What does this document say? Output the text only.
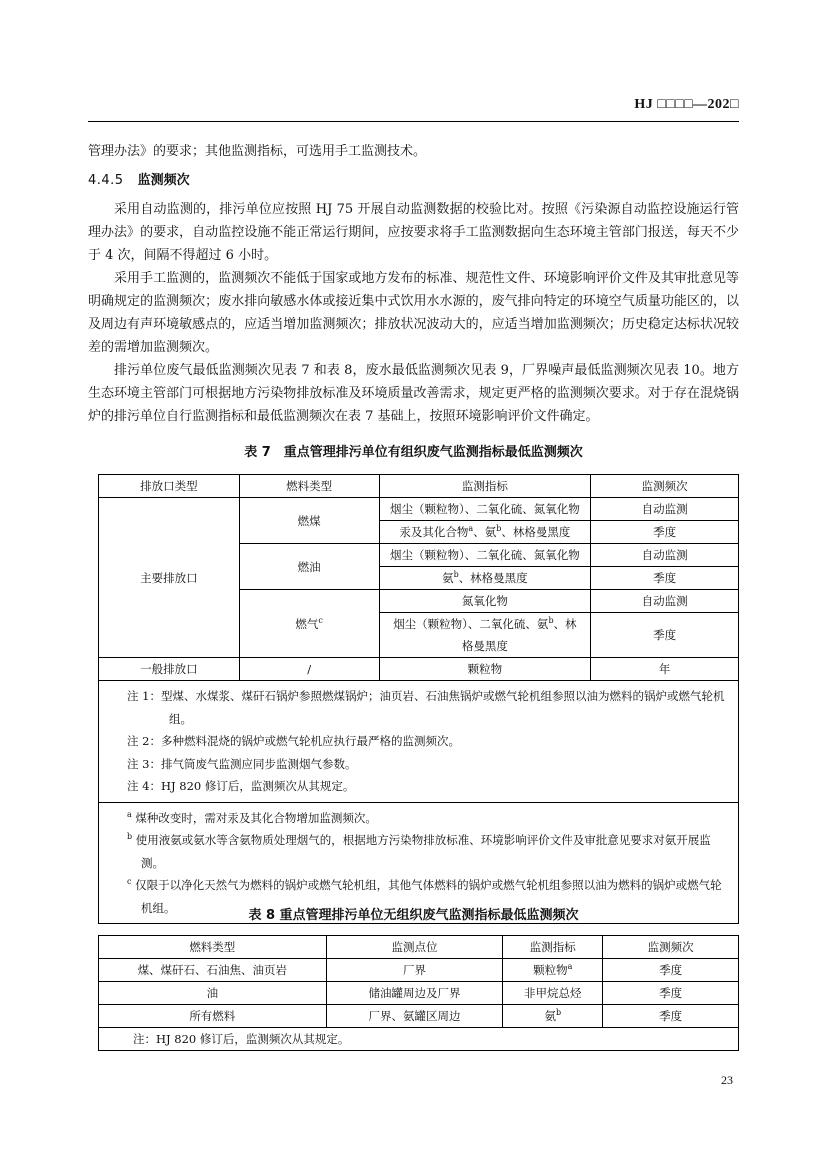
HJ □□□□—202□

管理办法》的要求；其他监测指标，可选用手工监测技术。

4.4.5 监测频次

采用自动监测的，排污单位应按照 HJ 75 开展自动监测数据的校验比对。按照《污染源自动监控设施运行管理办法》的要求，自动监控设施不能正常运行期间，应按要求将手工监测数据向生态环境主管部门报送，每天不少于 4 次，间隔不得超过 6 小时。

采用手工监测的，监测频次不能低于国家或地方发布的标准、规范性文件、环境影响评价文件及其审批意见等明确规定的监测频次；废水排向敏感水体或接近集中式饮用水水源的，废气排向特定的环境空气质量功能区的，以及周边有声环境敏感点的，应适当增加监测频次；排放状况波动大的，应适当增加监测频次；历史稳定达标状况较差的需增加监测频次。

排污单位废气最低监测频次见表 7 和表 8，废水最低监测频次见表 9，厂界噪声最低监测频次见表 10。地方生态环境主管部门可根据地方污染物排放标准及环境质量改善需求，规定更严格的监测频次要求。对于存在混烧锅炉的排污单位自行监测指标和最低监测频次在表 7 基础上，按照环境影响评价文件确定。

表 7　重点管理排污单位有组织废气监测指标最低监测频次
排放口类型	燃料类型	监测指标	监测频次
主要排放口	燃煤	烟尘（颗粒物）、二氧化硫、氮氧化物	自动监测
		汞及其化合物$^a$、氨$^b$、林格曼黑度	季度
	燃油	烟尘（颗粒物）、二氧化硫、氮氧化物	自动监测
		氨$^b$、林格曼黑度	季度
	燃气$^c$	氮氧化物	自动监测
		烟尘（颗粒物）、二氧化硫、氨$^b$、林格曼黑度	季度
一般排放口	/	颗粒物	年

注 1：型煤、水煤浆、煤矸石锅炉参照燃煤锅炉；油页岩、石油焦锅炉或燃气轮机组参照以油为燃料的锅炉或燃气轮机组。
注 2：多种燃料混烧的锅炉或燃气轮机应执行最严格的监测频次。
注 3：排气筒废气监测应同步监测烟气参数。
注 4：HJ 820 修订后，监测频次从其规定。			

$^a$ 煤种改变时，需对汞及其化合物增加监测频次。
$^b$ 使用液氨或氨水等含氨物质处理烟气的，根据地方污染物排放标准、环境影响评价文件及审批意见要求对氨开展监测。
$^c$ 仅限于以净化天然气为燃料的锅炉或燃气轮机组，其他气体燃料的锅炉或燃气轮机组参照以油为燃料的锅炉或燃气轮机组。			
表 8 重点管理排污单位无组织废气监测指标最低监测频次
燃料类型	监测点位	监测指标	监测频次
煤、煤矸石、石油焦、油页岩	厂界	颗粒物$^a$	季度
油	储油罐周边及厂界	非甲烷总烃	季度
所有燃料	厂界、氨罐区周边	氨$^b$	季度
注：HJ 820 修订后，监测频次从其规定。			
23
